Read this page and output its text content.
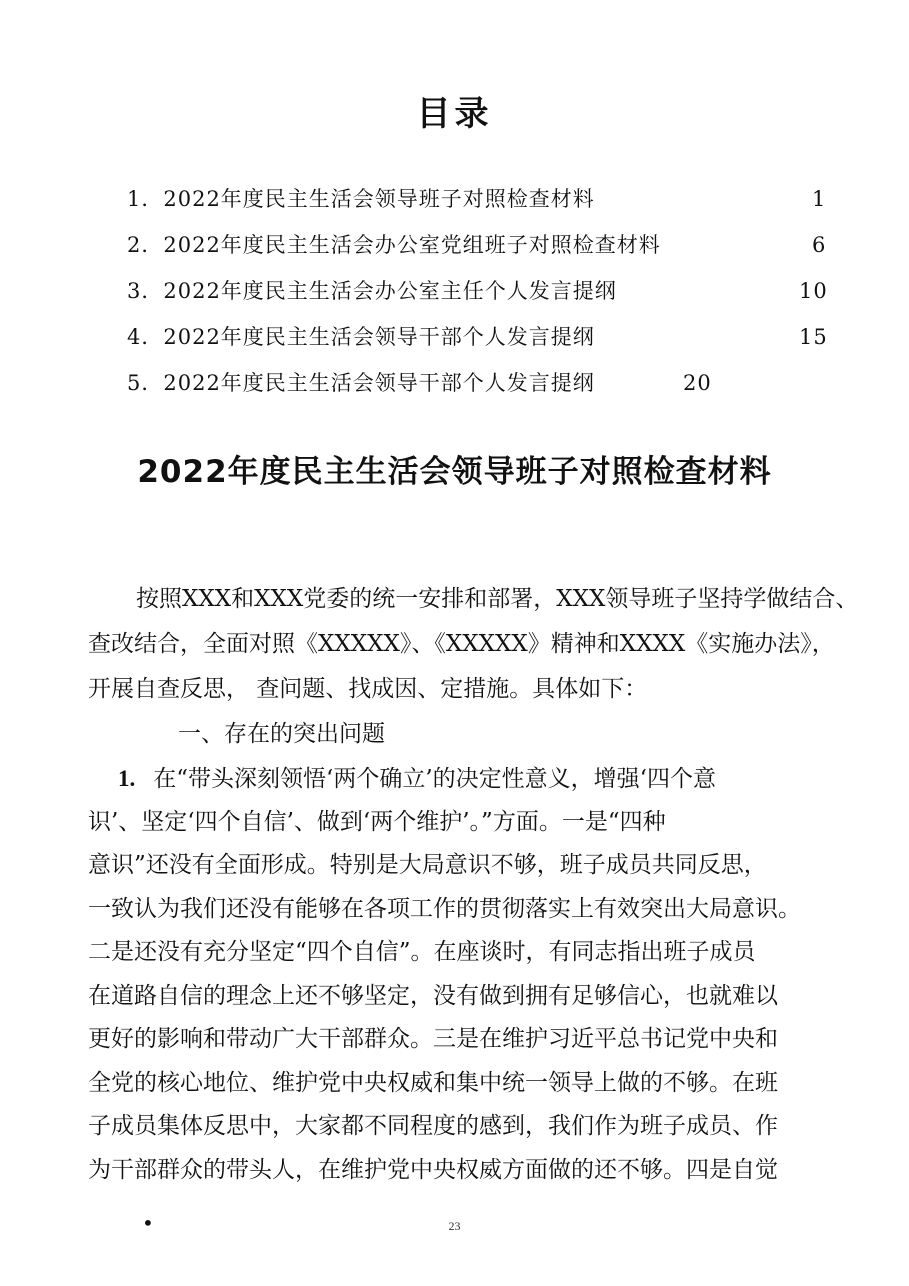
目录
1．2022年度民主生活会领导班子对照检查材料	1
2．2022年度民主生活会办公室党组班子对照检查材料	6
3．2022年度民主生活会办公室主任个人发言提纲	10
4．2022年度民主生活会领导干部个人发言提纲	15
5．2022年度民主生活会领导干部个人发言提纲	20
2022年度民主生活会领导班子对照检查材料
按照XXX和XXX党委的统一安排和部署，XXX领导班子坚持学做结合、
查改结合，全面对照《XXXXX》、《XXXXX》精神和XXXX《实施办法》，
开展自查反思， 查问题、找成因、定措施。具体如下：
一、存在的突出问题
1. 在“带头深刻领悟‘两个确立’的决定性意义，增强‘四个意
识’、坚定‘四个自信’、做到‘两个维护’。”方面。一是“四种
意识”还没有全面形成。特别是大局意识不够，班子成员共同反思，
一致认为我们还没有能够在各项工作的贯彻落实上有效突出大局意识。
二是还没有充分坚定“四个自信”。在座谈时，有同志指出班子成员
在道路自信的理念上还不够坚定，没有做到拥有足够信心，也就难以
更好的影响和带动广大干部群众。三是在维护习近平总书记党中央和
全党的核心地位、维护党中央权威和集中统一领导上做的不够。在班
子成员集体反思中，大家都不同程度的感到，我们作为班子成员、作
为干部群众的带头人，在维护党中央权威方面做的还不够。四是自觉
•	23
